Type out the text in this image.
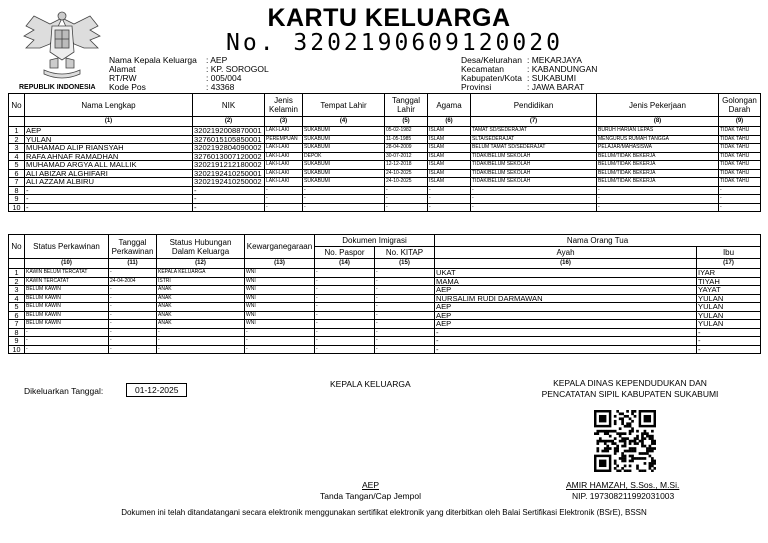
REPUBLIK INDONESIA
KARTU KELUARGA
No. 3202190609120020
Nama Kepala Keluarga	: AEP
Alamat	: KP. SOROGOL
RT/RW	: 005/004
Kode Pos	: 43368
Desa/Kelurahan : MEKARJAYA
Kecamatan	: KABANDUNGAN
Kabupaten/Kota : SUKABUMI
Provinsi	: JAWA BARAT
No	Nama Lengkap	NIK	Jenis Kelamin	Tempat Lahir	Tanggal Lahir	Agama	Pendidikan	Jenis Pekerjaan	Golongan Darah
	(1)	(2)	(3)	(4)	(5)	(6)	(7)	(8)	(9)
1	AEP	3202192008870001	LAKI-LAKI	SUKABUMI	05-02-1982	ISLAM	TAMAT SD/SEDERAJAT	BURUH HARIAN LEPAS	TIDAK TAHU
2	YULAN	3276015105850001	PEREMPUAN	SUKABUMI	11-05-1985	ISLAM	SLTA/SEDERAJAT	MENGURUS RUMAH TANGGA	TIDAK TAHU
3	MUHAMAD ALIP RIANSYAH	3202192804090002	LAKI-LAKI	SUKABUMI	28-04-2009	ISLAM	BELUM TAMAT SD/SEDERAJAT	PELAJAR/MAHASISWA	TIDAK TAHU
4	RAFA AHNAF RAMADHAN	3276013007120002	LAKI-LAKI	DEPOK	30-07-2012	ISLAM	TIDAK/BELUM SEKOLAH	BELUM/TIDAK BEKERJA	TIDAK TAHU
5	MUHAMAD ARGYA ALL MALLIK	3202191212180002	LAKI-LAKI	SUKABUMI	12-12-2018	ISLAM	TIDAK/BELUM SEKOLAH	BELUM/TIDAK BEKERJA	TIDAK TAHU
6	ALI ABIZAR ALGHIFARI	3202192410250001	LAKI-LAKI	SUKABUMI	24-10-2025	ISLAM	TIDAK/BELUM SEKOLAH	BELUM/TIDAK BEKERJA	TIDAK TAHU
7	ALI AZZAM ALBIRU	3202192410250002	LAKI-LAKI	SUKABUMI	24-10-2025	ISLAM	TIDAK/BELUM SEKOLAH	BELUM/TIDAK BEKERJA	TIDAK TAHU
8	-	-	-	-	-	-	-	-	-
9	-	-	-	-	-	-	-	-	-
10	-	-	-	-	-	-	-	-	-
No	Status Perkawinan	Tanggal Perkawinan	Status Hubungan Dalam Keluarga	Kewarganegaraan	Dokumen Imigrasi		Nama Orang Tua	
					No. Paspor	No. KITAP	Ayah	Ibu
	(10)	(11)	(12)	(13)	(14)	(15)	(16)	(17)
1	KAWIN BELUM TERCATAT	-	KEPALA KELUARGA	WNI	-	-	UKAT	IYAR
2	KAWIN TERCATAT	24-04-2004	ISTRI	WNI	-	-	MAMA	TIYAH
3	BELUM KAWIN	-	ANAK	WNI	-	-	AEP	YAYAT
4	BELUM KAWIN	-	ANAK	WNI	-	-	NURSALIM RUDI DARMAWAN	YULAN
5	BELUM KAWIN	-	ANAK	WNI	-	-	AEP	YULAN
6	BELUM KAWIN	-	ANAK	WNI	-	-	AEP	YULAN
7	BELUM KAWIN	-	ANAK	WNI	-	-	AEP	YULAN
8	-	-	-	-	-	-	-	-
9	-	-	-	-	-	-	-	-
10	-	-	-	-	-	-	-	-
Dikeluarkan Tanggal:	01-12-2025
KEPALA KELUARGA
AEP
Tanda Tangan/Cap Jempol
KEPALA DINAS KEPENDUDUKAN DAN
PENCATATAN SIPIL KABUPATEN SUKABUMI
AMIR HAMZAH, S.Sos., M.Si.
NIP. 197308211992031003
Dokumen ini telah ditandatangani secara elektronik menggunakan sertifikat elektronik yang diterbitkan oleh Balai Sertifikasi Elektronik (BSrE), BSSN
